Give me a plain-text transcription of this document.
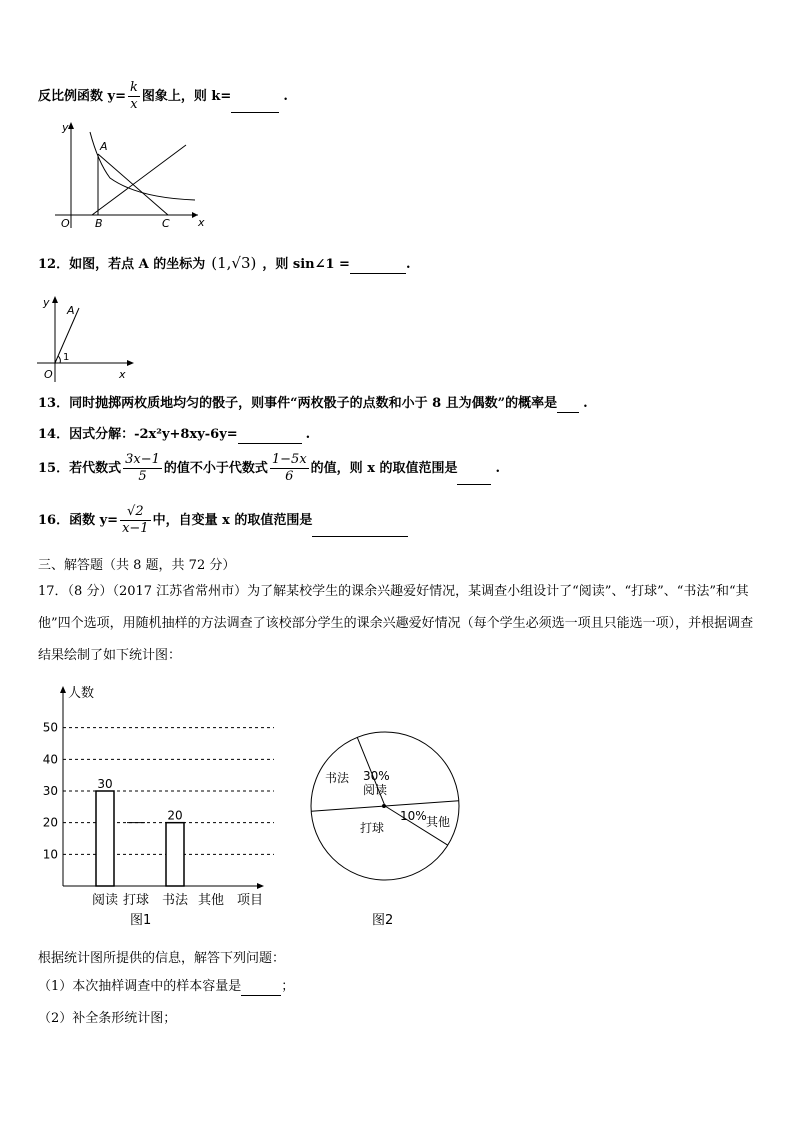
反比例函数 $y= \frac{k}{x}$ 图象上，则 k=	.
y
x
O
A
B	C
12．如图，若点 A 的坐标为 (1,√3) ，则 sin∠1 =	.
y
x
O
A
1
13．同时抛掷两枚质地均匀的骰子，则事件“两枚骰子的点数和小于 8 且为偶数”的概率是 .
14．因式分解：-2x²y+8xy-6y=	.
15．若代数式 $\frac{3x-1}{5}$ 的值不小于代数式 $\frac{1-5x}{6}$ 的值，则 x 的取值范围是	.
16．函数 $y= \frac{√2}{x-1}$ 中，自变量 x 的取值范围是
三、解答题（共 8 题，共 72 分）
17．（8 分）（2017 江苏省常州市）为了解某校学生的课余兴趣爱好情况，某调查小组设计了“阅读”、“打球”、“书法”和“其他”四个选项，用随机抽样的方法调查了该校部分学生的课余兴趣爱好情况（每个学生必须选一项且只能选一项），并根据调查结果绘制了如下统计图：
10
20
30
40
50
30
阅读 打球
20
书法 其他
人数
项目
图1
30%
阅读
10% 其他
打球
书法
图2
根据统计图所提供的信息，解答下列问题：
（1）本次抽样调查中的样本容量是	；
（2）补全条形统计图；
